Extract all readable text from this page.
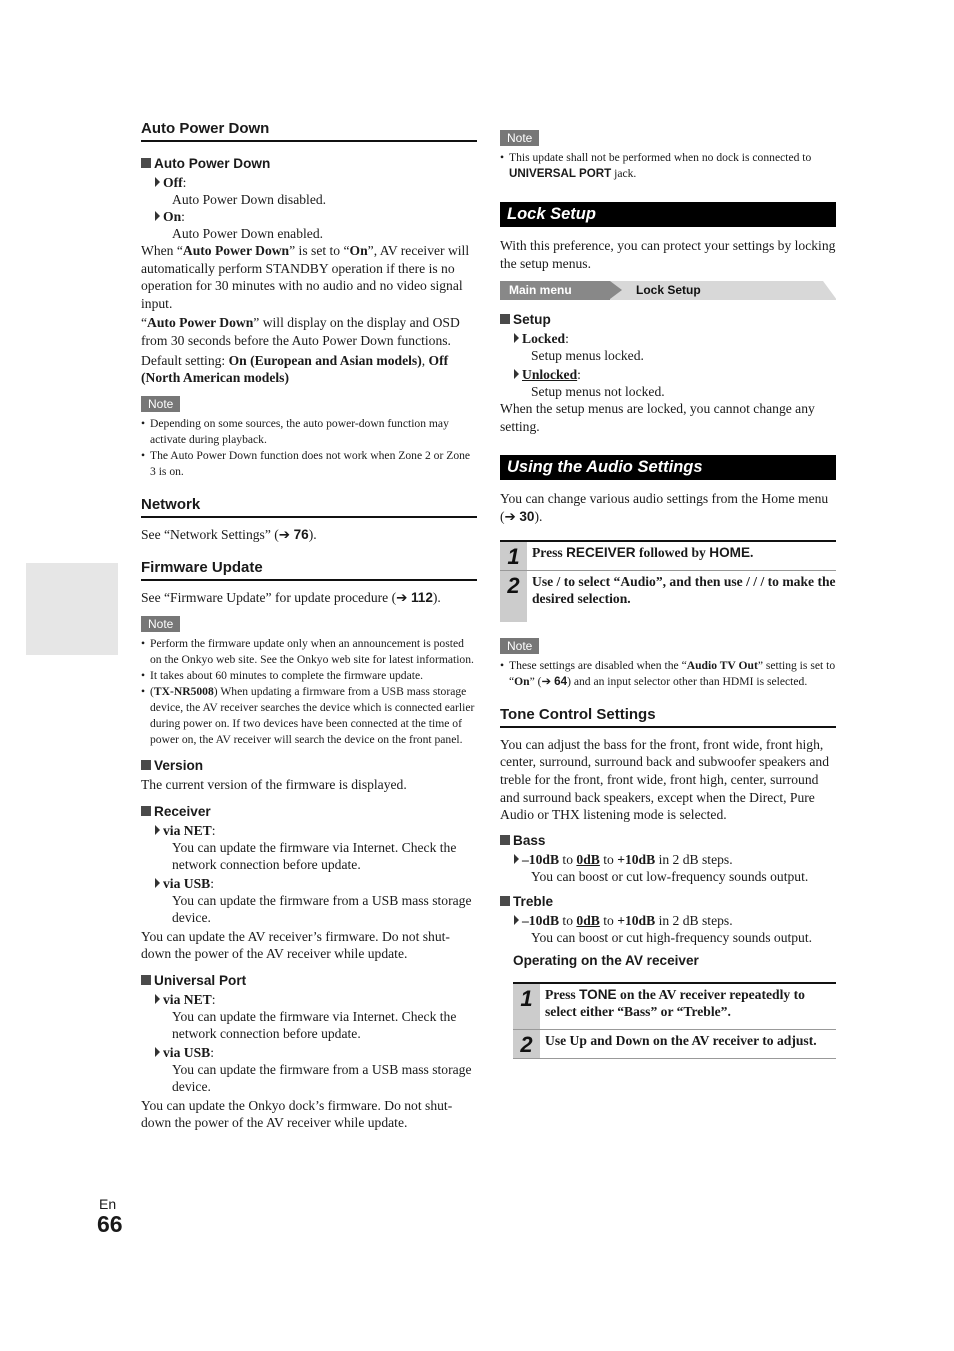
Auto Power Down
Auto Power Down
Off:
Auto Power Down disabled.
On:
Auto Power Down enabled.

When “Auto Power Down” is set to “On”, AV receiver will automatically perform STANDBY operation if there is no operation for 30 minutes with no audio and no video signal input.

“Auto Power Down” will display on the display and OSD from 30 seconds before the Auto Power Down functions.

Default setting: On (European and Asian models), Off (North American models)

Note
• Depending on some sources, the auto power-down function may activate during playback.
• The Auto Power Down function does not work when Zone 2 or Zone 3 is on.
Network

See “Network Settings” (➔ 76).

Firmware Update

See “Firmware Update” for update procedure (➔ 112).

Note
• Perform the firmware update only when an announcement is posted on the Onkyo web site. See the Onkyo web site for latest information.
• It takes about 60 minutes to complete the firmware update.
• (TX-NR5008) When updating a firmware from a USB mass storage device, the AV receiver searches the device which is connected earlier during power on. If two devices have been connected at the time of power on, the AV receiver will search the device on the front panel.
Version

The current version of the firmware is displayed.

Receiver
via NET:
You can update the firmware via Internet. Check the network connection before update.
via USB:
You can update the firmware from a USB mass storage device.

You can update the AV receiver’s firmware. Do not shut-down the power of the AV receiver while update.

Universal Port
via NET:
You can update the firmware via Internet. Check the network connection before update.
via USB:
You can update the firmware from a USB mass storage device.

You can update the Onkyo dock’s firmware. Do not shut-down the power of the AV receiver while update.

Note
• This update shall not be performed when no dock is connected to UNIVERSAL PORT jack.
Lock Setup

With this preference, you can protect your settings by locking the setup menus.

Main menu	Lock Setup
Setup
Locked:
Setup menus locked.
Unlocked:
Setup menus not locked.

When the setup menus are locked, you cannot change any setting.

Using the Audio Settings

You can change various audio settings from the Home menu (➔ 30).

1 Press RECEIVER followed by HOME.
2 Use / to select “Audio”, and then use / / / to make the desired selection.
Note
• These settings are disabled when the “Audio TV Out” setting is set to “On” (➔ 64) and an input selector other than HDMI is selected.
Tone Control Settings

You can adjust the bass for the front, front wide, front high, center, surround, surround back and subwoofer speakers and treble for the front, front wide, front high, center, surround and surround back speakers, except when the Direct, Pure Audio or THX listening mode is selected.

Bass
–10dB to 0dB to +10dB in 2 dB steps.
You can boost or cut low-frequency sounds output.
Treble
–10dB to 0dB to +10dB in 2 dB steps.
You can boost or cut high-frequency sounds output.
Operating on the AV receiver
1 Press TONE on the AV receiver repeatedly to select either “Bass” or “Treble”.
2 Use Up and Down on the AV receiver to adjust.
En
66
